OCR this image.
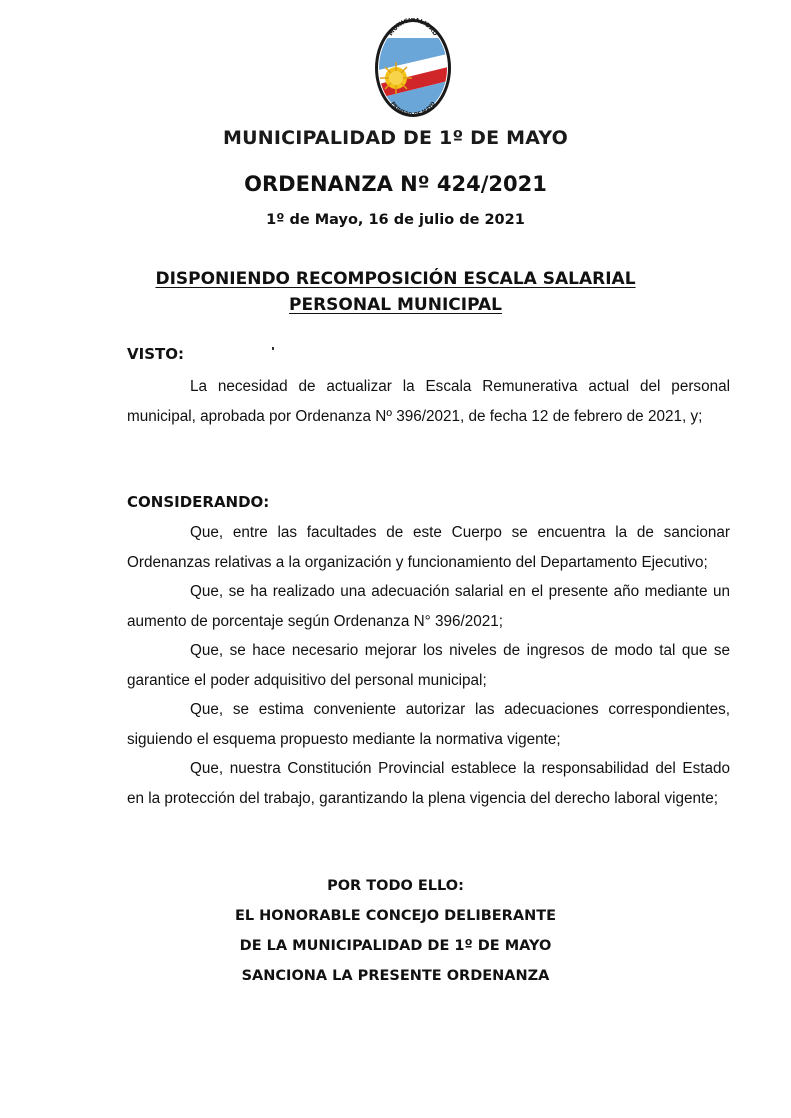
MUNICIPALIDAD
PRIMERO DE MAYO
MUNICIPALIDAD DE 1º DE MAYO
ORDENANZA Nº 424/2021
1º de Mayo, 16 de julio de 2021
DISPONIENDO RECOMPOSICIÓN ESCALA SALARIAL
PERSONAL MUNICIPAL
VISTO:
La necesidad de actualizar la Escala Remunerativa actual del personal municipal, aprobada por Ordenanza Nº 396/2021, de fecha 12 de febrero de 2021, y;
CONSIDERANDO:
Que, entre las facultades de este Cuerpo se encuentra la de sancionar Ordenanzas relativas a la organización y funcionamiento del Departamento Ejecutivo;
Que, se ha realizado una adecuación salarial en el presente año mediante un aumento de porcentaje según Ordenanza N° 396/2021;
Que, se hace necesario mejorar los niveles de ingresos de modo tal que se garantice el poder adquisitivo del personal municipal;
Que, se estima conveniente autorizar las adecuaciones correspondientes, siguiendo el esquema propuesto mediante la normativa vigente;
Que, nuestra Constitución Provincial establece la responsabilidad del Estado en la protección del trabajo, garantizando la plena vigencia del derecho laboral vigente;
POR TODO ELLO:
EL HONORABLE CONCEJO DELIBERANTE
DE LA MUNICIPALIDAD DE 1º DE MAYO
SANCIONA LA PRESENTE ORDENANZA
